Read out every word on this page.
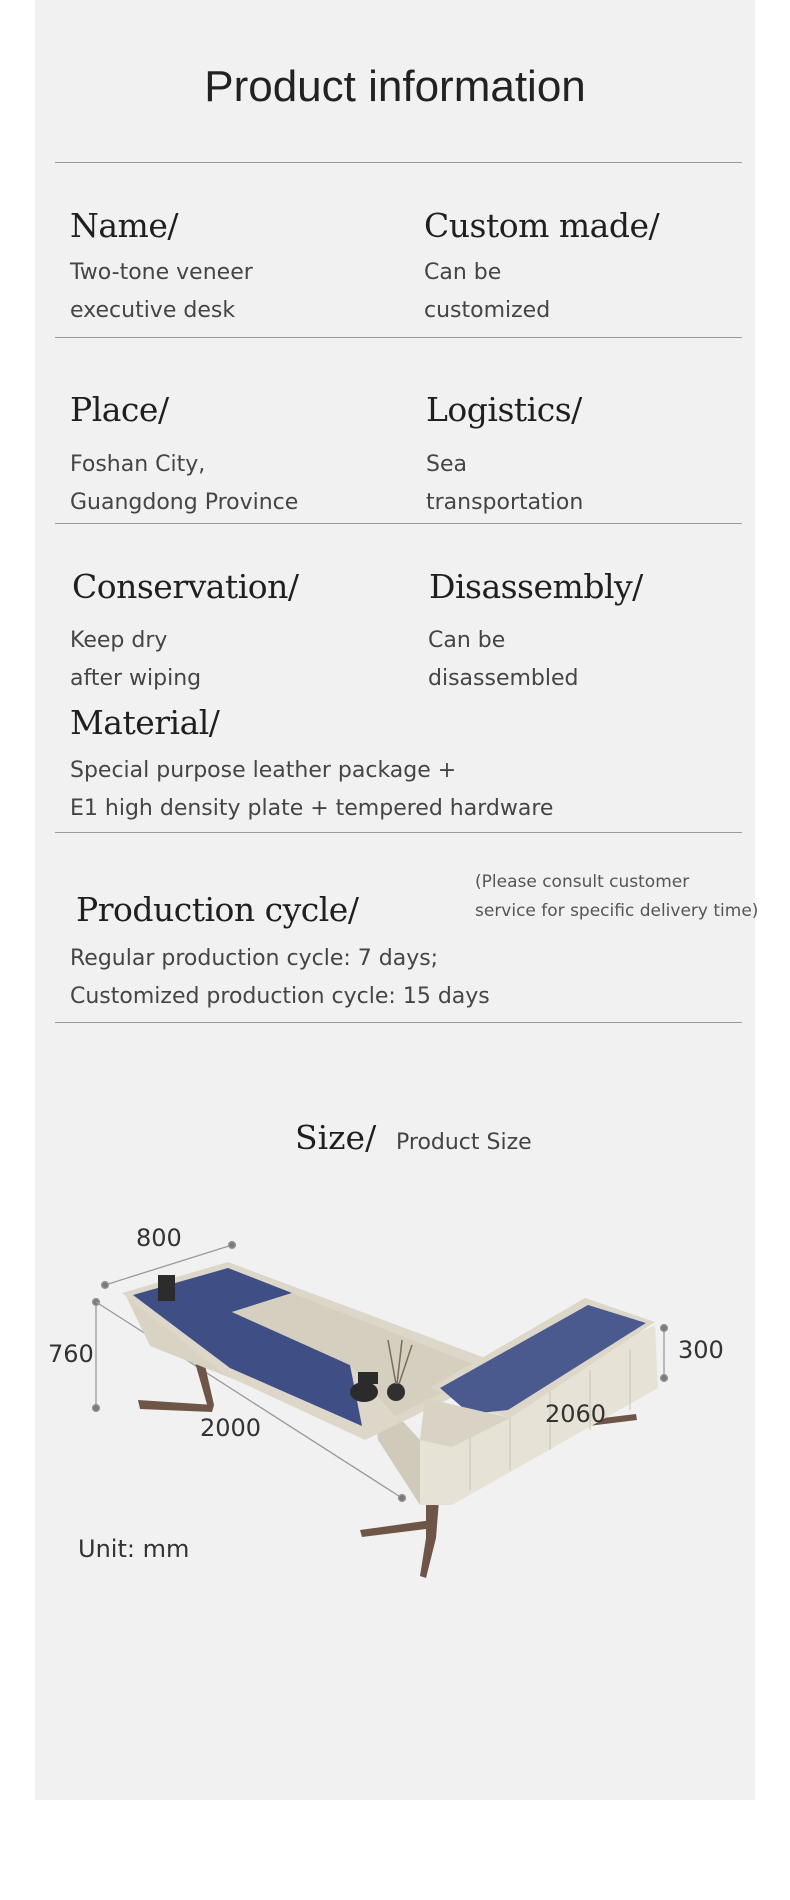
Product information
Name/
Two-tone veneer
executive desk
Custom made/
Can be
customized
Place/
Foshan City,
Guangdong Province
Logistics/
Sea
transportation
Conservation/
Keep dry
after wiping
Disassembly/
Can be
disassembled
Material/
Special purpose leather package +
E1 high density plate + tempered hardware
(Please consult customer
service for specific delivery time)
Production cycle/
Regular production cycle: 7 days;
Customized production cycle: 15 days
Size/ Product Size
800
760
2000	2060
300
Unit: mm
